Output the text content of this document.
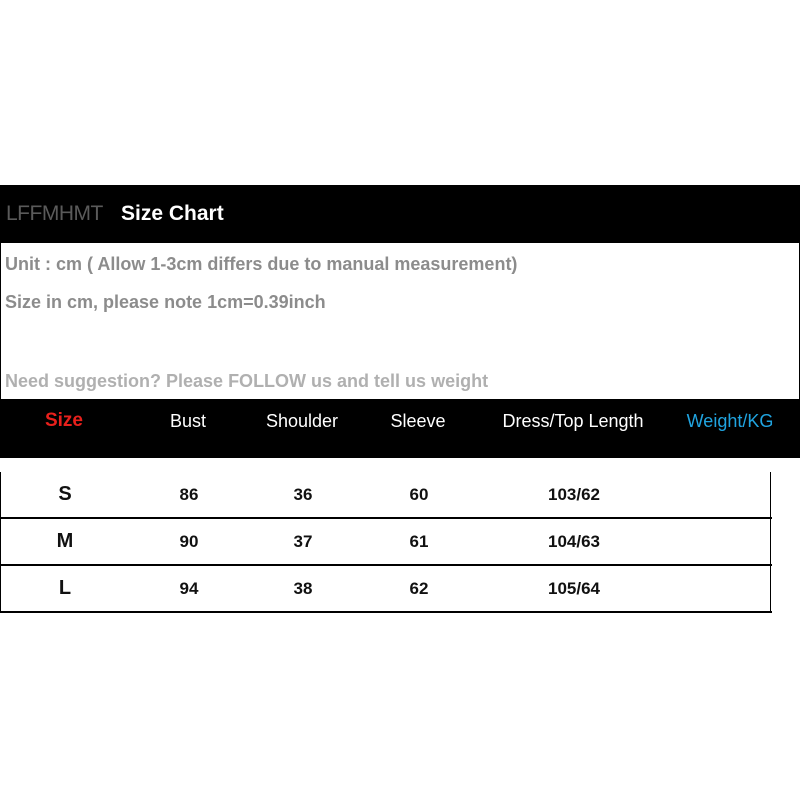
LFFMHMT Size Chart
Unit : cm ( Allow 1-3cm differs due to manual measurement)
Size in cm, please note 1cm=0.39inch
Need suggestion? Please FOLLOW us and tell us weight
Size	Bust	Shoulder	Sleeve	Dress/Top Length	Weight/KG
S	86	36	60	103/62
M	90	37	61	104/63
L	94	38	62	105/64
